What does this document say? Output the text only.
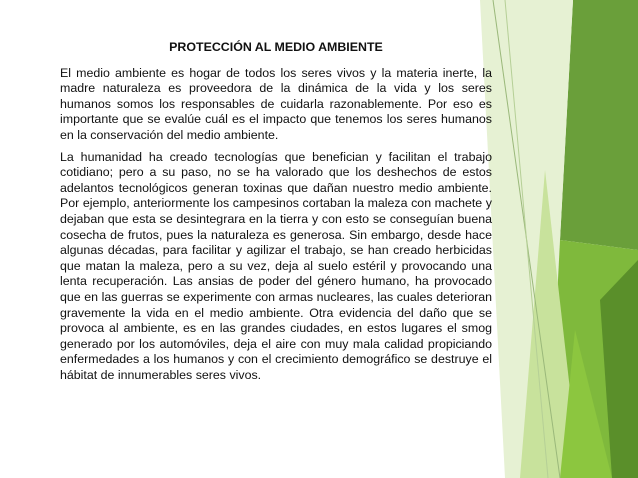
PROTECCIÓN AL MEDIO AMBIENTE

El medio ambiente es hogar de todos los seres vivos y la materia inerte, la madre naturaleza es proveedora de la dinámica de la vida y los seres humanos somos los responsables de cuidarla razonablemente. Por eso es importante que se evalúe cuál es el impacto que tenemos los seres humanos en la conservación del medio ambiente.

La humanidad ha creado tecnologías que benefician y facilitan el trabajo cotidiano; pero a su paso, no se ha valorado que los deshechos de estos adelantos tecnológicos generan toxinas que dañan nuestro medio ambiente. Por ejemplo, anteriormente los campesinos cortaban la maleza con machete y dejaban que esta se desintegrara en la tierra y con esto se conseguían buena cosecha de frutos, pues la naturaleza es generosa. Sin embargo, desde hace algunas décadas, para facilitar y agilizar el trabajo, se han creado herbicidas que matan la maleza, pero a su vez, deja al suelo estéril y provocando una lenta recuperación. Las ansias de poder del género humano, ha provocado que en las guerras se experimente con armas nucleares, las cuales deterioran gravemente la vida en el medio ambiente. Otra evidencia del daño que se provoca al ambiente, es en las grandes ciudades, en estos lugares el smog generado por los automóviles, deja el aire con muy mala calidad propiciando enfermedades a los humanos y con el crecimiento demográfico se destruye el hábitat de innumerables seres vivos.
